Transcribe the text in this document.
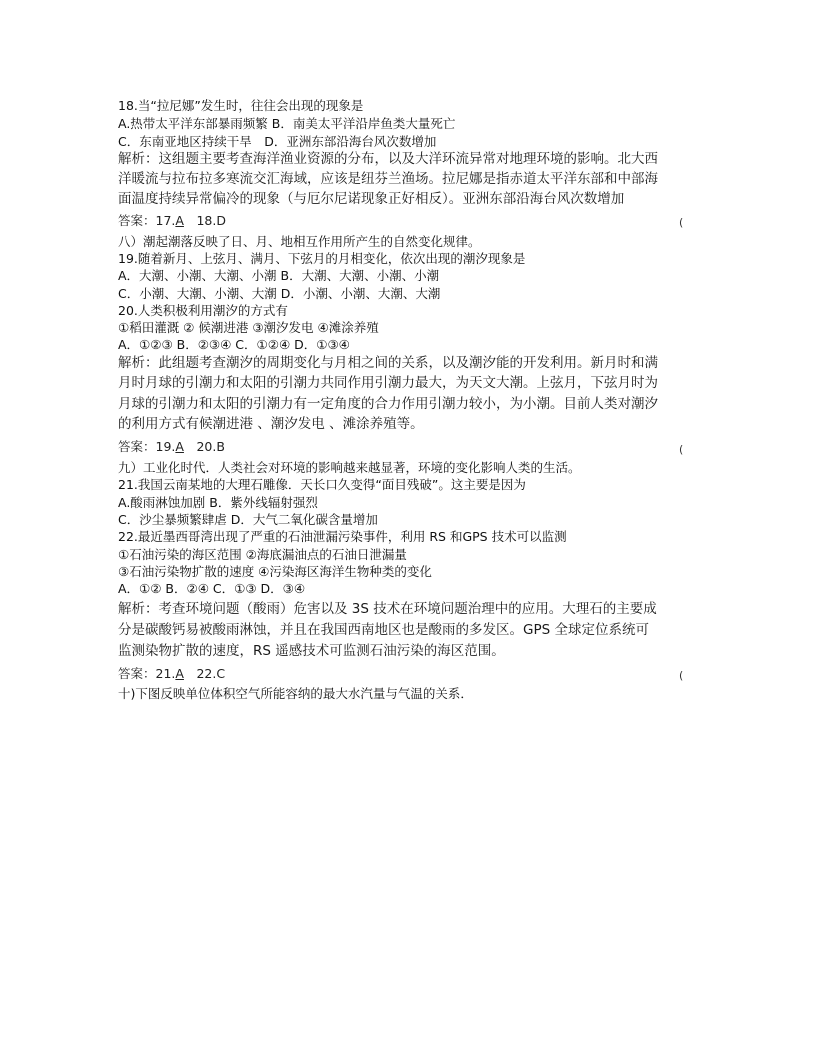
18.当“拉尼娜”发生时，往往会出现的现象是
A.热带太平洋东部暴雨频繁 B．南美太平洋沿岸鱼类大量死亡
C．东南亚地区持续干旱　D．亚洲东部沿海台风次数增加
解析：这组题主要考查海洋渔业资源的分布，以及大洋环流异常对地理环境的影响。北大西
洋暖流与拉布拉多寒流交汇海域，应该是纽芬兰渔场。拉尼娜是指赤道太平洋东部和中部海
面温度持续异常偏冷的现象（与厄尔尼诺现象正好相反）。亚洲东部沿海台风次数增加
答案：17.A　18.D	(
八）潮起潮落反映了日、月、地相互作用所产生的自然变化规律。
19.随着新月、上弦月、满月、下弦月的月相变化，依次出现的潮汐现象是
A．大潮、小潮、大潮、小潮 B．大潮、大潮、小潮、小潮
C．小潮、大潮、小潮、大潮 D．小潮、小潮、大潮、大潮
20.人类积极利用潮汐的方式有
①稻田灌溉 ② 候潮进港 ③潮汐发电 ④滩涂养殖
A．①②③ B．②③④ C．①②④ D．①③④
解析：此组题考查潮汐的周期变化与月相之间的关系，以及潮汐能的开发利用。新月时和满
月时月球的引潮力和太阳的引潮力共同作用引潮力最大，为天文大潮。上弦月，下弦月时为
月球的引潮力和太阳的引潮力有一定角度的合力作用引潮力较小，为小潮。目前人类对潮汐
的利用方式有候潮进港 、潮汐发电 、滩涂养殖等。
答案：19.A　20.B	(
九）工业化时代．人类社会对环境的影响越来越显著，环境的变化影响人类的生活。
21.我国云南某地的大理石雕像．天长口久变得“面目残破”。这主要是因为
A.酸雨淋蚀加剧 B．紫外线辐射强烈
C．沙尘暴频繁肆虐 D．大气二氧化碳含量增加
22.最近墨西哥湾出现了严重的石油泄漏污染事件，利用 RS 和GPS 技术可以监测
①石油污染的海区范围 ②海底漏油点的石油日泄漏量
③石油污染物扩散的速度 ④污染海区海洋生物种类的变化
A．①② B．②④ C．①③ D．③④
解析：考查环境问题（酸雨）危害以及 3S 技术在环境问题治理中的应用。大理石的主要成
分是碳酸钙易被酸雨淋蚀，并且在我国西南地区也是酸雨的多发区。GPS 全球定位系统可
监测染物扩散的速度，RS 遥感技术可监测石油污染的海区范围。
答案：21.A　22.C	(
十)下图反映单位体积空气所能容纳的最大水汽量与气温的关系．
